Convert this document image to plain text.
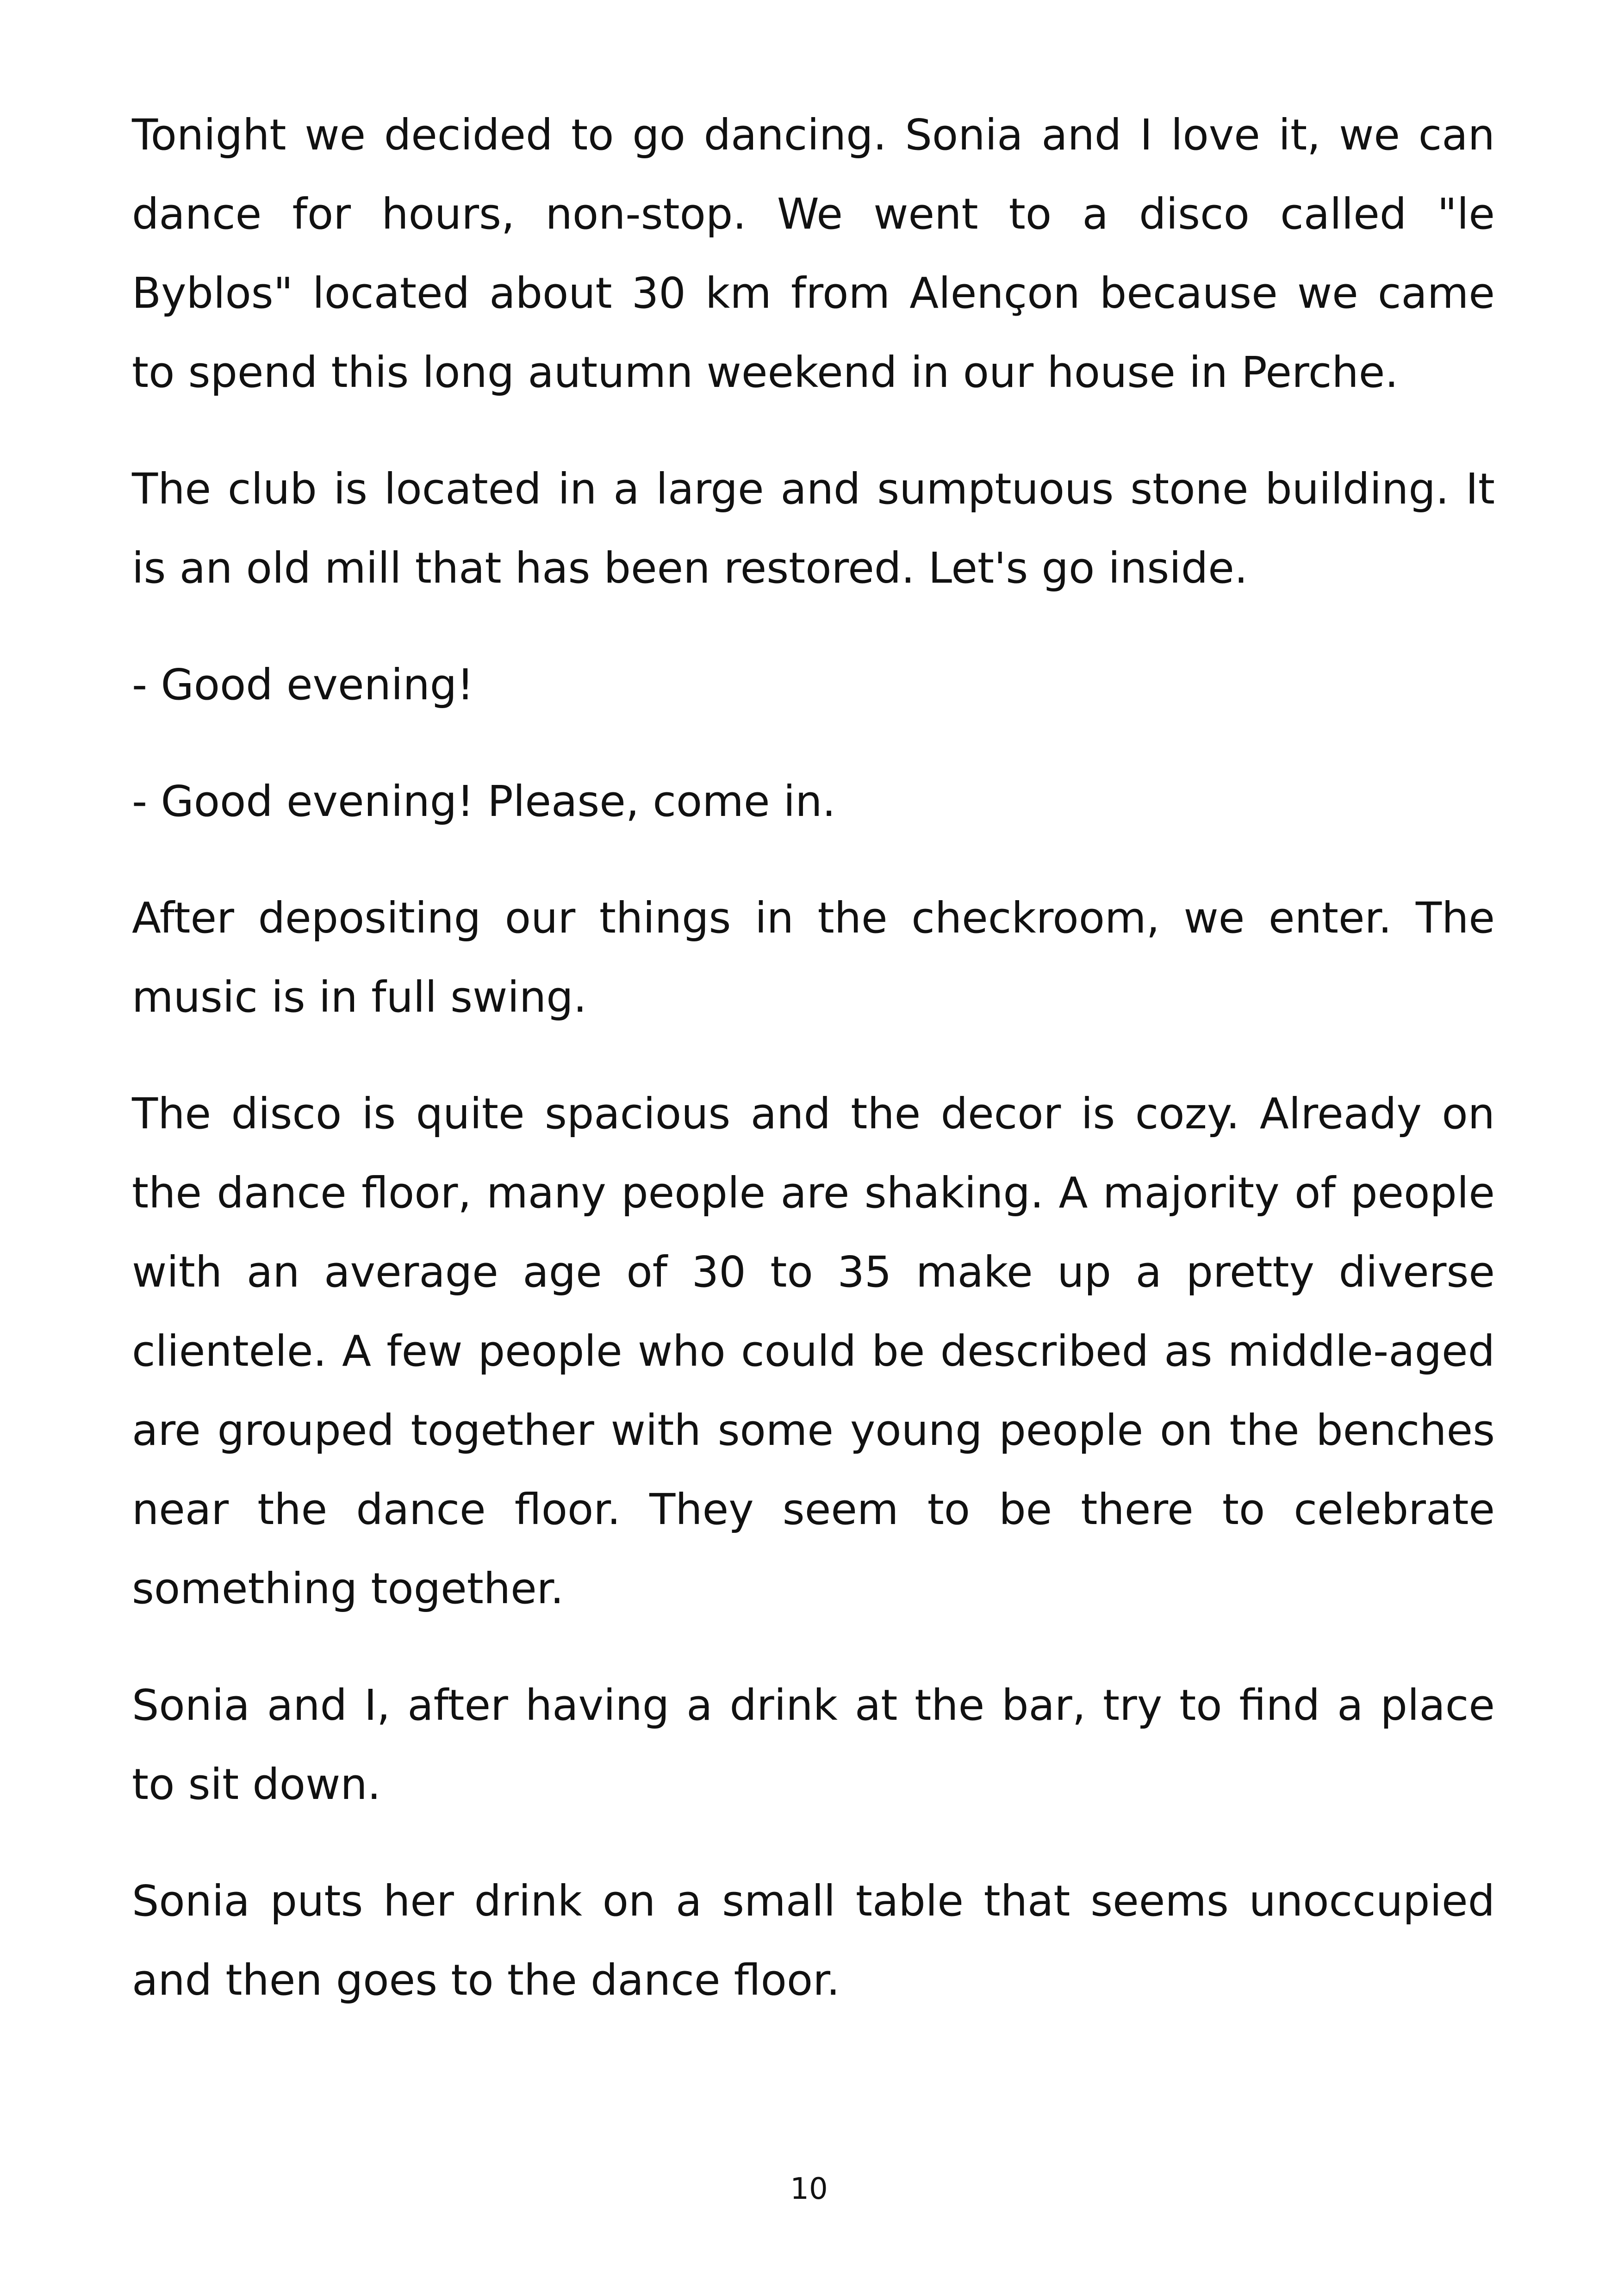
Tonight we decided to go dancing. Sonia and I love it, we can dance for hours, non-stop. We went to a disco called "le Byblos" located about 30 km from Alençon because we came to spend this long autumn weekend in our house in Perche.

The club is located in a large and sumptuous stone building. It is an old mill that has been restored. Let's go inside.

- Good evening!

- Good evening! Please, come in.

After depositing our things in the checkroom, we enter. The music is in full swing.

The disco is quite spacious and the decor is cozy. Already on the dance floor, many people are shaking. A majority of people with an average age of 30 to 35 make up a pretty diverse clientele. A few people who could be described as middle-aged are grouped together with some young people on the benches near the dance floor. They seem to be there to celebrate something together.

Sonia and I, after having a drink at the bar, try to find a place to sit down.

Sonia puts her drink on a small table that seems unoccupied and then goes to the dance floor.

10
